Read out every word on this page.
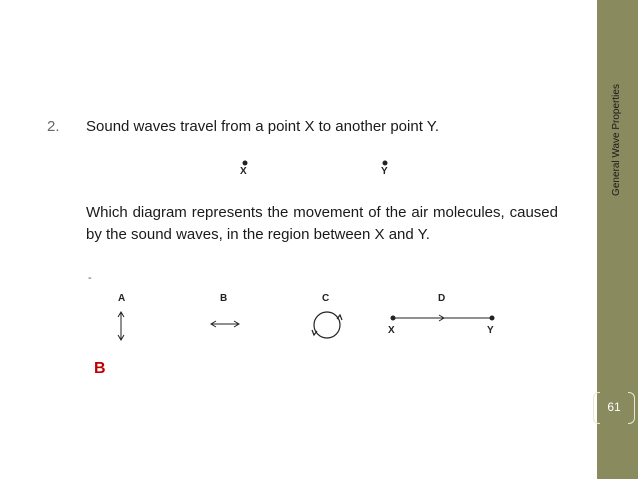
General Wave Properties
61
2. Sound waves travel from a point X to another point Y.
X	Y
Which diagram represents the movement of the air molecules, caused by the sound waves, in the region between X and Y.
-
A	B	C	D
X	Y
B
